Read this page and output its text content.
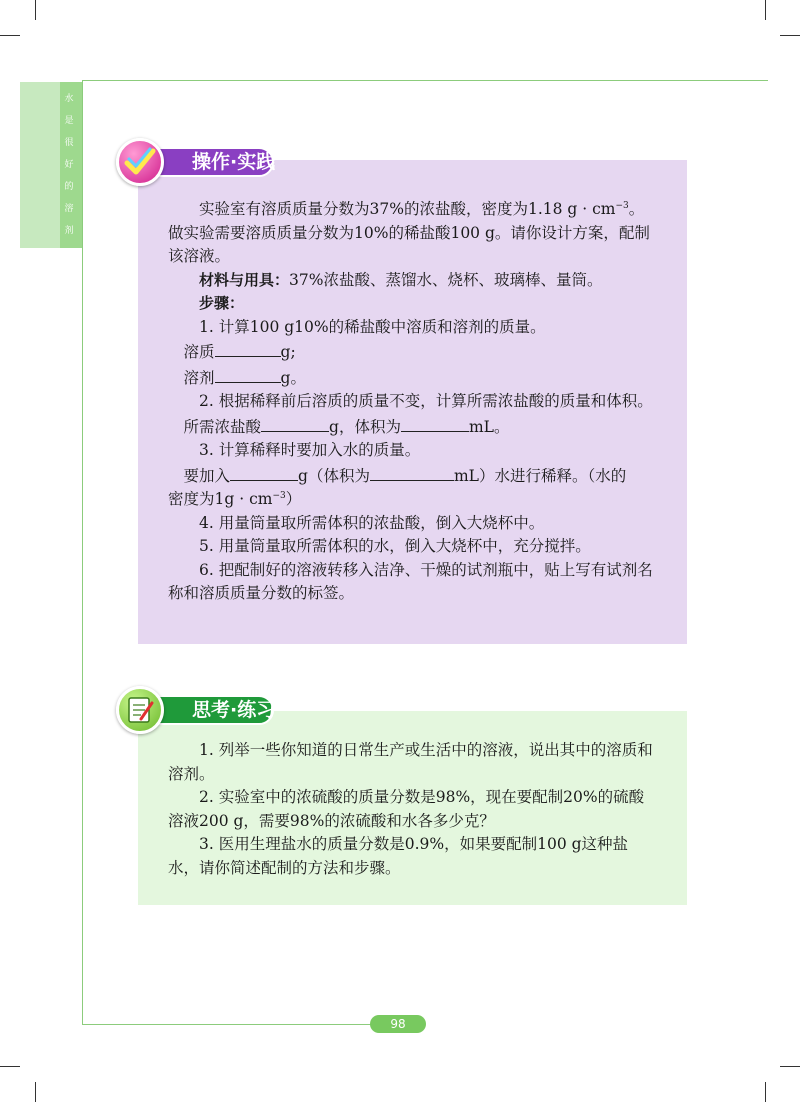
水
是
很
好
的
溶
剂

实验室有溶质质量分数为37%的浓盐酸，密度为1.18 $g \cdot cm^{-3}$。做实验需要溶质质量分数为10%的稀盐酸100 g。请你设计方案，配制该溶液。

材料与用具：37%浓盐酸、蒸馏水、烧杯、玻璃棒、量筒。

步骤：

1. 计算100 g10%的稀盐酸中溶质和溶剂的质量。

溶质	g;

溶剂	g。

2. 根据稀释前后溶质的质量不变，计算所需浓盐酸的质量和体积。

所需浓盐酸	g，体积为	mL。

3. 计算稀释时要加入水的质量。

要加入	g（体积为	mL）水进行稀释。（水的

密度为$1g \cdot cm^{-3}$）

4. 用量筒量取所需体积的浓盐酸，倒入大烧杯中。

5. 用量筒量取所需体积的水，倒入大烧杯中，充分搅拌。

6. 把配制好的溶液转移入洁净、干燥的试剂瓶中，贴上写有试剂名称和溶质质量分数的标签。

操作·实践

1. 列举一些你知道的日常生产或生活中的溶液，说出其中的溶质和溶剂。

2. 实验室中的浓硫酸的质量分数是98%，现在要配制20%的硫酸溶液200 g，需要98%的浓硫酸和水各多少克？

3. 医用生理盐水的质量分数是0.9%，如果要配制100 g这种盐水，请你简述配制的方法和步骤。

思考·练习
98
